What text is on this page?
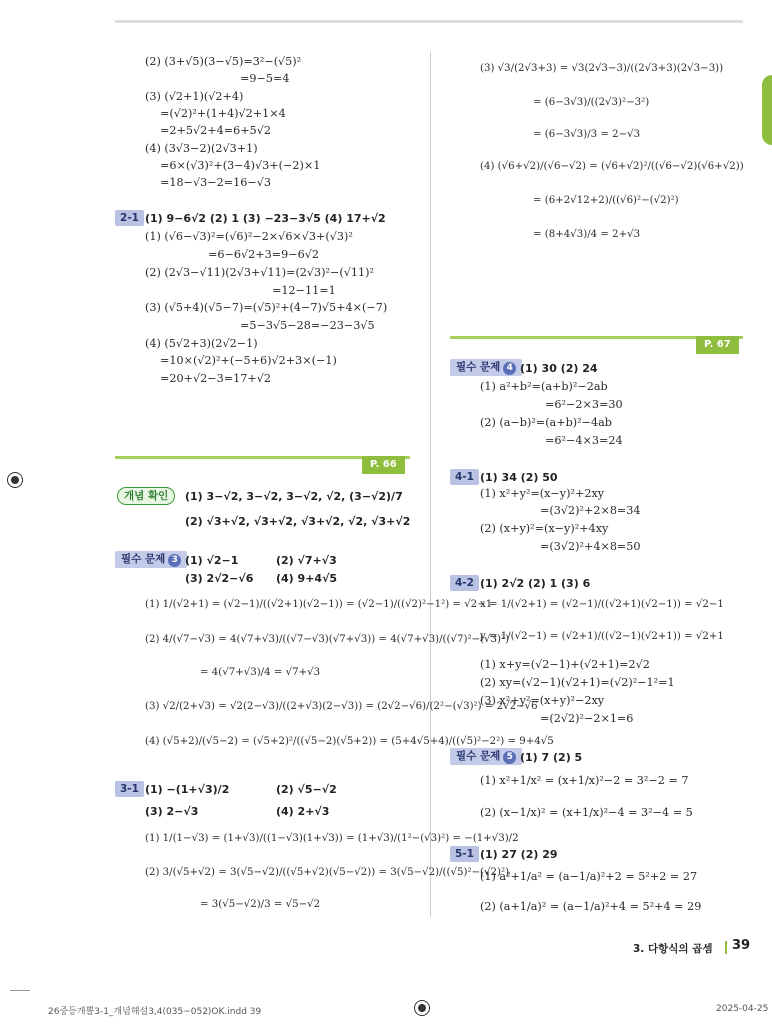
(2) (3+√5)(3−√5)=3²−(√5)²
=9−5=4
(3) (√2+1)(√2+4)
=(√2)²+(1+4)√2+1×4
=2+5√2+4=6+5√2
(4) (3√3−2)(2√3+1)
=6×(√3)²+(3−4)√3+(−2)×1
=18−√3−2=16−√3
2-1 (1) 9−6√2 (2) 1 (3) −23−3√5 (4) 17+√2
(1) (√6−√3)²=(√6)²−2×√6×√3+(√3)²
=6−6√2+3=9−6√2
(2) (2√3−√11)(2√3+√11)=(2√3)²−(√11)²
=12−11=1
(3) (√5+4)(√5−7)=(√5)²+(4−7)√5+4×(−7)
=5−3√5−28=−23−3√5
(4) (5√2+3)(2√2−1)
=10×(√2)²+(−5+6)√2+3×(−1)
=20+√2−3=17+√2
P. 66
개념 확인	(1) 3−√2, 3−√2, 3−√2, √2, (3−√2)/7
(2) √3+√2, √3+√2, √3+√2, √2, √3+√2
필수 문제 3 (1) √2−1	(2) √7+√3
(3) 2√2−√6 (4) 9+4√5
(1) 1/(√2+1) = (√2−1)/((√2+1)(√2−1)) = (√2−1)/((√2)²−1²) = √2−1
(2) 4/(√7−√3) = 4(√7+√3)/((√7−√3)(√7+√3)) = 4(√7+√3)/((√7)²−(√3)²)
= 4(√7+√3)/4 = √7+√3
(3) √2/(2+√3) = √2(2−√3)/((2+√3)(2−√3)) = (2√2−√6)/(2²−(√3)²) = 2√2−√6
(4) (√5+2)/(√5−2) = (√5+2)²/((√5−2)(√5+2)) = (5+4√5+4)/((√5)²−2²) = 9+4√5
3-1 (1) −(1+√3)/2	(2) √5−√2
(3) 2−√3	(4) 2+√3
(1) 1/(1−√3) = (1+√3)/((1−√3)(1+√3)) = (1+√3)/(1²−(√3)²) = −(1+√3)/2
(2) 3/(√5+√2) = 3(√5−√2)/((√5+√2)(√5−√2)) = 3(√5−√2)/((√5)²−(√2)²)
= 3(√5−√2)/3 = √5−√2
(3) √3/(2√3+3) = √3(2√3−3)/((2√3+3)(2√3−3))
= (6−3√3)/((2√3)²−3²)
= (6−3√3)/3 = 2−√3
(4) (√6+√2)/(√6−√2) = (√6+√2)²/((√6−√2)(√6+√2))
= (6+2√12+2)/((√6)²−(√2)²)
= (8+4√3)/4 = 2+√3
P. 67
필수 문제 4 (1) 30 (2) 24
(1) a²+b²=(a+b)²−2ab
=6²−2×3=30
(2) (a−b)²=(a+b)²−4ab
=6²−4×3=24
4-1 (1) 34 (2) 50
(1) x²+y²=(x−y)²+2xy
=(3√2)²+2×8=34
(2) (x+y)²=(x−y)²+4xy
=(3√2)²+4×8=50
4-2 (1) 2√2 (2) 1 (3) 6
x = 1/(√2+1) = (√2−1)/((√2+1)(√2−1)) = √2−1
y = 1/(√2−1) = (√2+1)/((√2−1)(√2+1)) = √2+1
(1) x+y=(√2−1)+(√2+1)=2√2
(2) xy=(√2−1)(√2+1)=(√2)²−1²=1
(3) x²+y²=(x+y)²−2xy
=(2√2)²−2×1=6
필수 문제 5 (1) 7 (2) 5
(1) x²+1/x² = (x+1/x)²−2 = 3²−2 = 7
(2) (x−1/x)² = (x+1/x)²−4 = 3²−4 = 5
5-1 (1) 27 (2) 29
(1) a²+1/a² = (a−1/a)²+2 = 5²+2 = 27
(2) (a+1/a)² = (a−1/a)²+4 = 5²+4 = 29
3. 다항식의 곱셈 39
26중등개뿔3-1_개념해설3,4(035~052)OK.indd 39	2025-04-25
